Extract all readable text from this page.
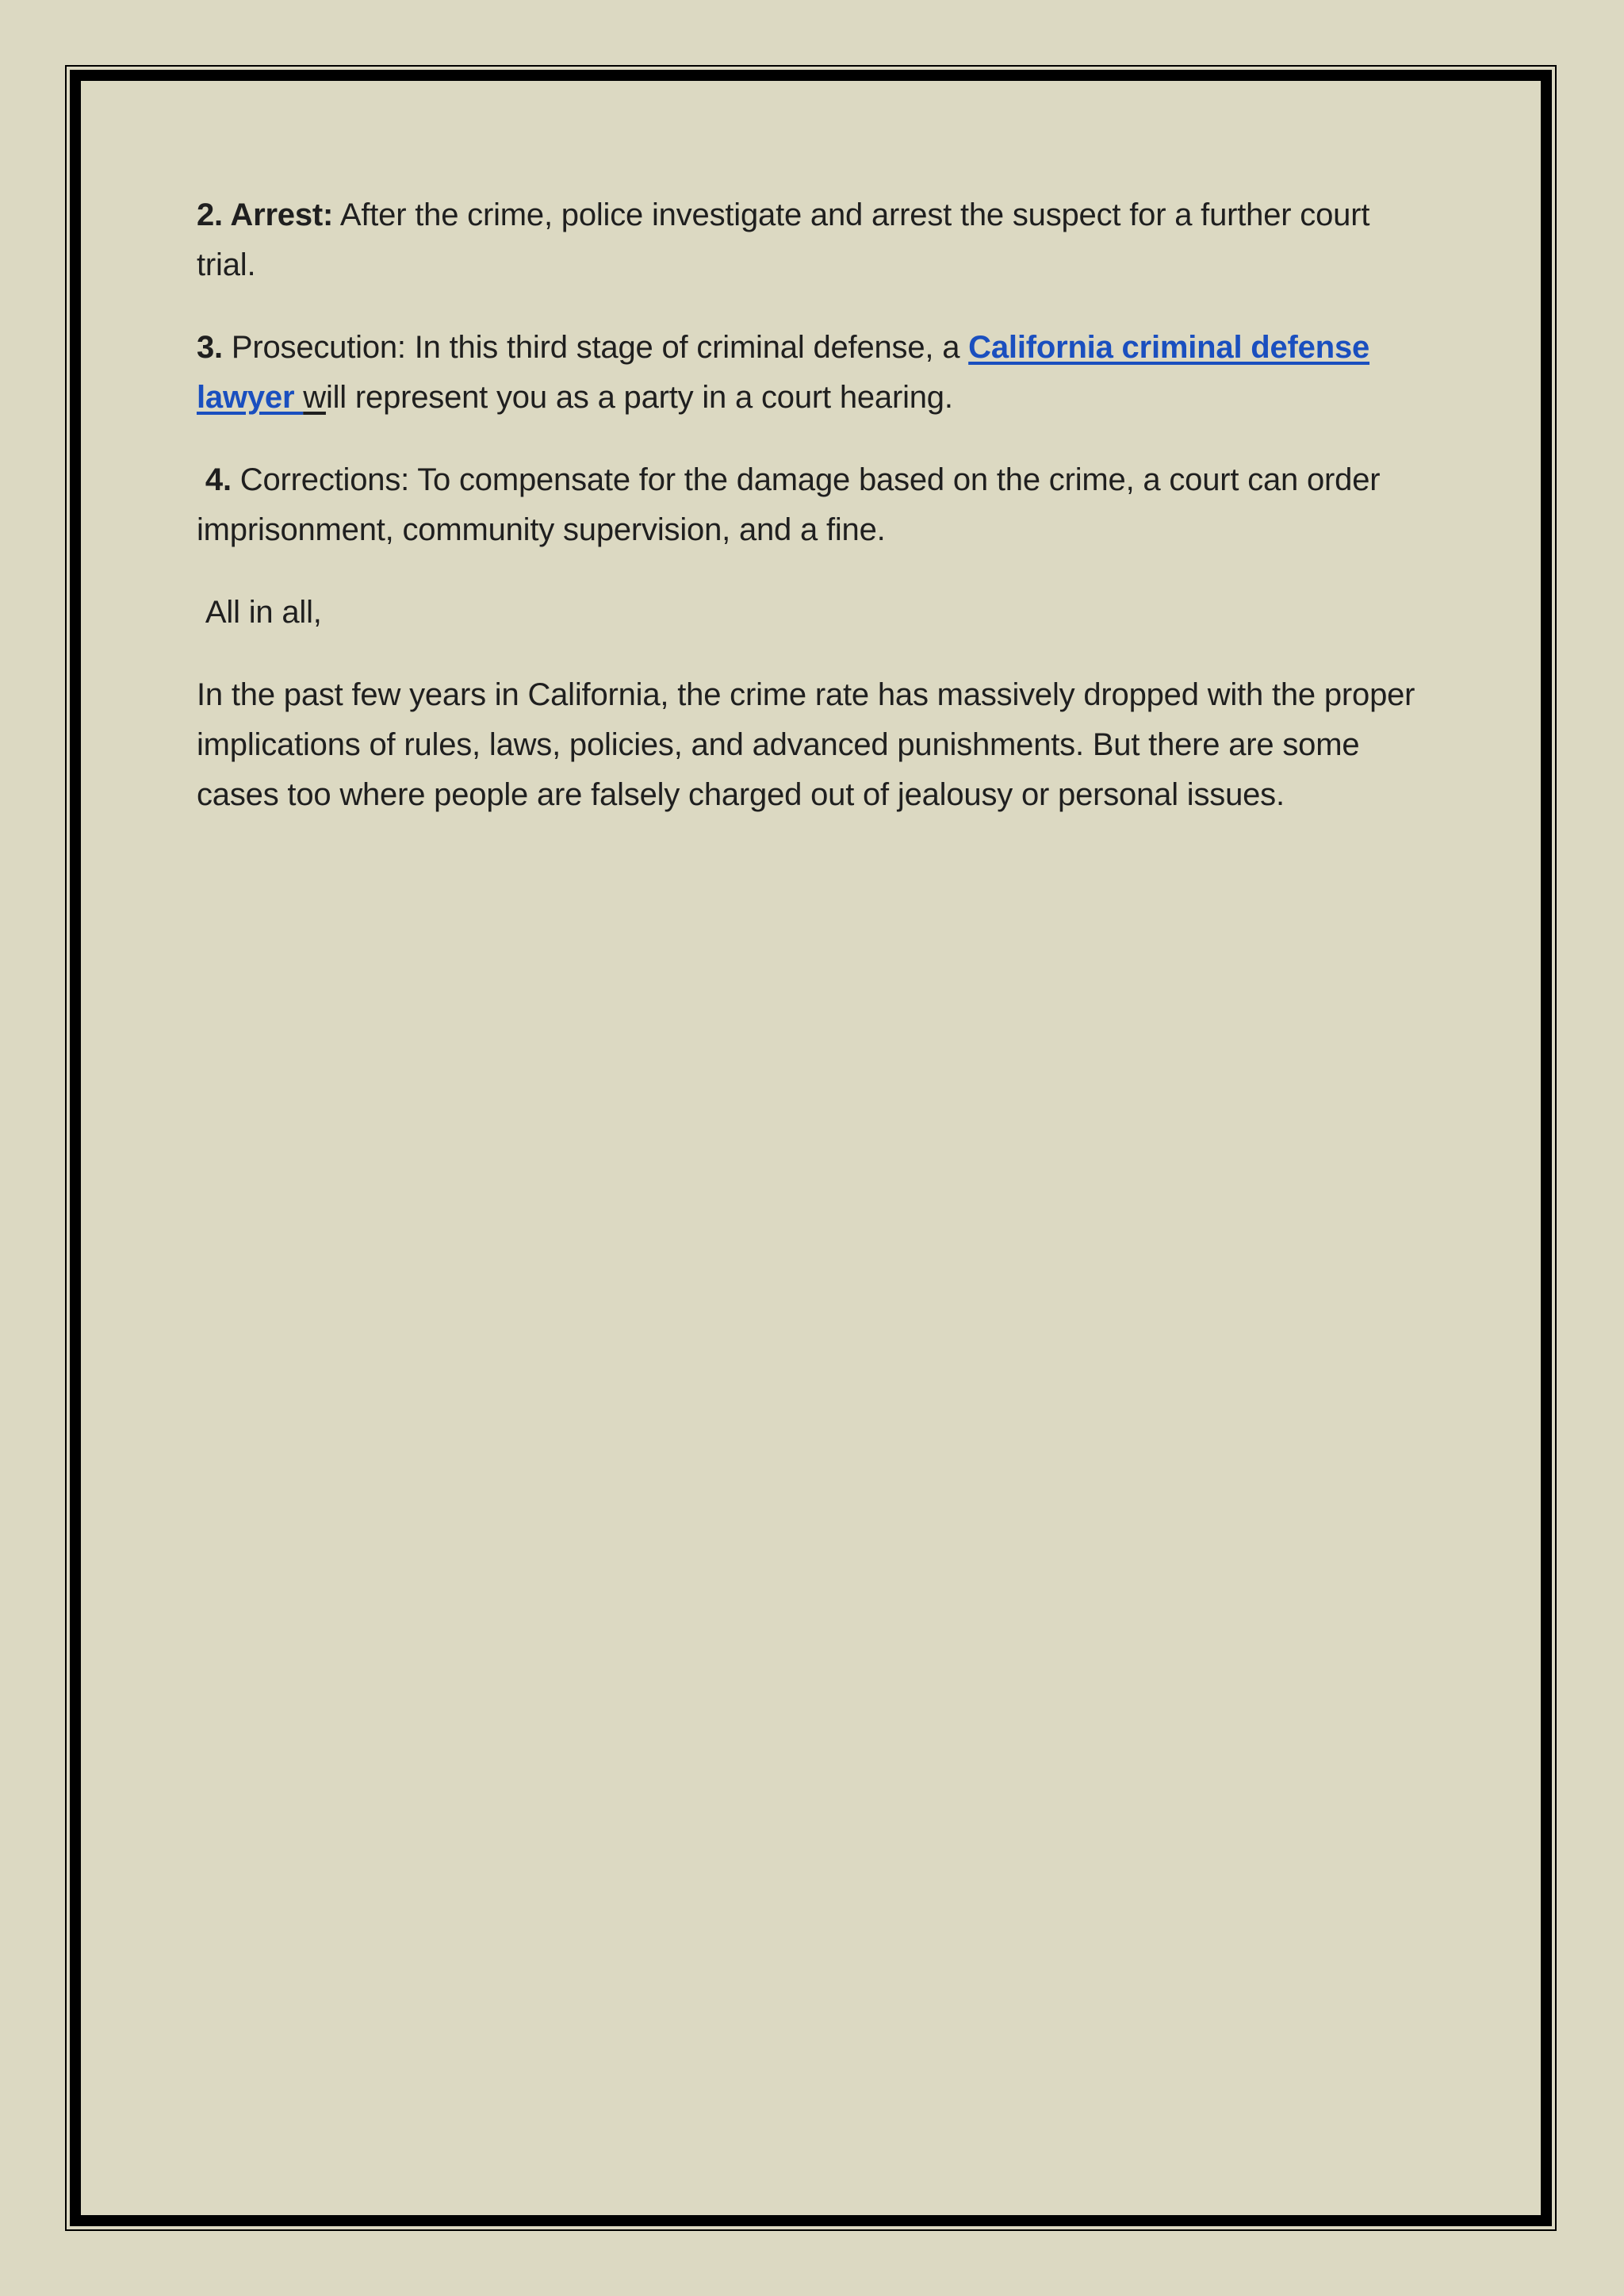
2. Arrest: After the crime, police investigate and arrest the suspect for a further court trial.

3. Prosecution: In this third stage of criminal defense, a California criminal defense lawyer will represent you as a party in a court hearing.

4. Corrections: To compensate for the damage based on the crime, a court can order imprisonment, community supervision, and a fine.

All in all,

In the past few years in California, the crime rate has massively dropped with the proper implications of rules, laws, policies, and advanced punishments. But there are some cases too where people are falsely charged out of jealousy or personal issues.
